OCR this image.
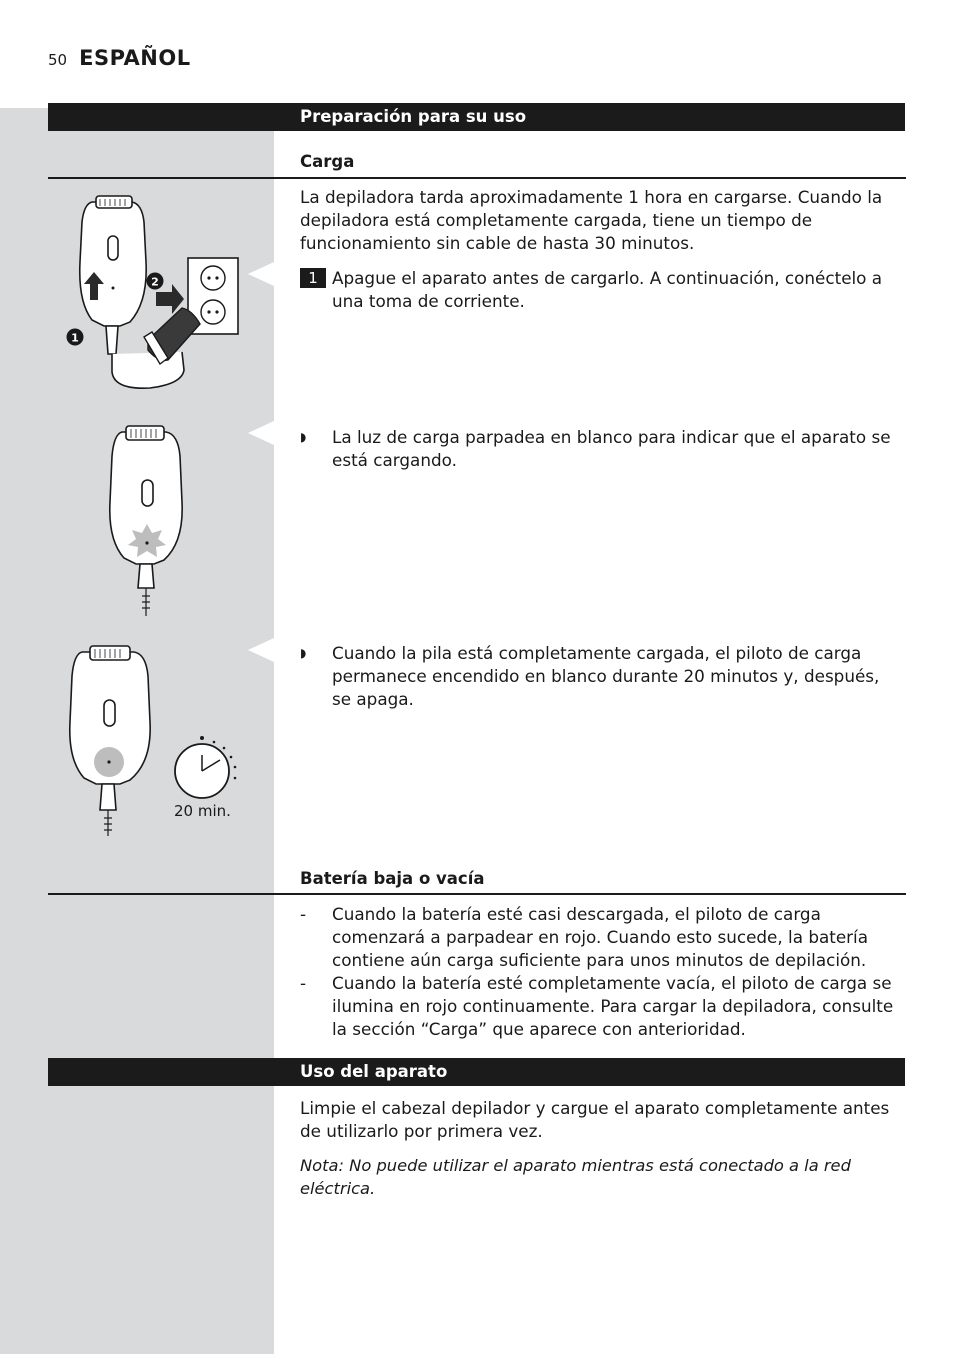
50 ESPAÑOL
Preparación para su uso
Carga

La depiladora tarda aproximadamente 1 hora en cargarse. Cuando la depiladora está completamente cargada, tiene un tiempo de funcionamiento sin cable de hasta 30 minutos.

1 Apague el aparato antes de cargarlo. A continuación, conéctelo a una toma de corriente.
◗	La luz de carga parpadea en blanco para indicar que el aparato se está cargando.
◗	Cuando la pila está completamente cargada, el piloto de carga permanece encendido en blanco durante 20 minutos y, después, se apaga.
1
2
20 min.
Batería baja o vacía
-	Cuando la batería esté casi descargada, el piloto de carga comenzará a parpadear en rojo. Cuando esto sucede, la batería contiene aún carga suficiente para unos minutos de depilación.
-	Cuando la batería esté completamente vacía, el piloto de carga se ilumina en rojo continuamente. Para cargar la depiladora, consulte la sección “Carga” que aparece con anterioridad.
Uso del aparato

Limpie el cabezal depilador y cargue el aparato completamente antes de utilizarlo por primera vez.

Nota: No puede utilizar el aparato mientras está conectado a la red eléctrica.
